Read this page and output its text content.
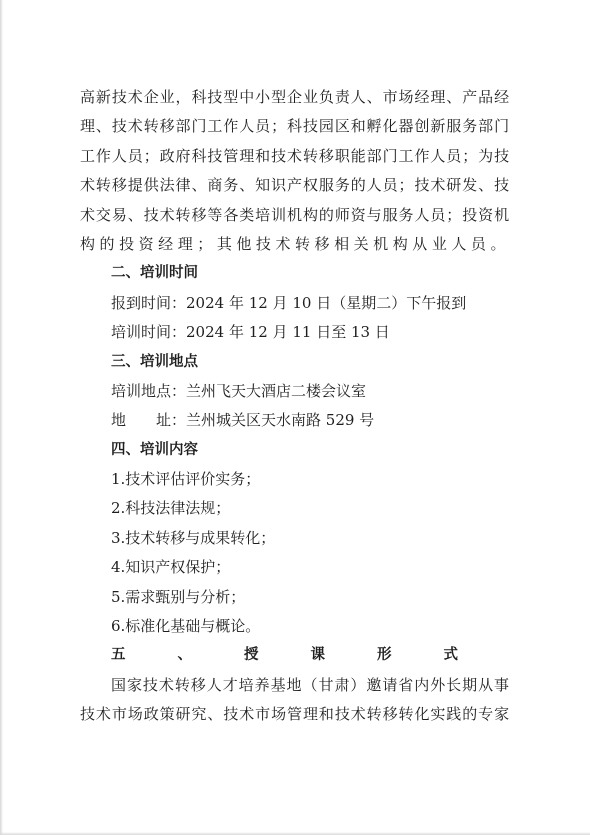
高新技术企业，科技型中小型企业负责人、市场经理、产品经
理、技术转移部门工作人员；科技园区和孵化器创新服务部门
工作人员；政府科技管理和技术转移职能部门工作人员；为技
术转移提供法律、商务、知识产权服务的人员；技术研发、技
术交易、技术转移等各类培训机构的师资与服务人员；投资机
构的投资经理；其他技术转移相关机构从业人员。
二、培训时间
报到时间：2024 年 12 月 10 日（星期二）下午报到
培训时间：2024 年 12 月 11 日至 13 日
三、培训地点
培训地点：兰州飞天大酒店二楼会议室
地　　址：兰州城关区天水南路 529 号
四、培训内容
1.技术评估评价实务；
2.科技法律法规；
3.技术转移与成果转化；
4.知识产权保护；
5.需求甄别与分析；
6.标准化基础与概论。
五、授课形式
国家技术转移人才培养基地（甘肃）邀请省内外长期从事
技术市场政策研究、技术市场管理和技术转移转化实践的专家
